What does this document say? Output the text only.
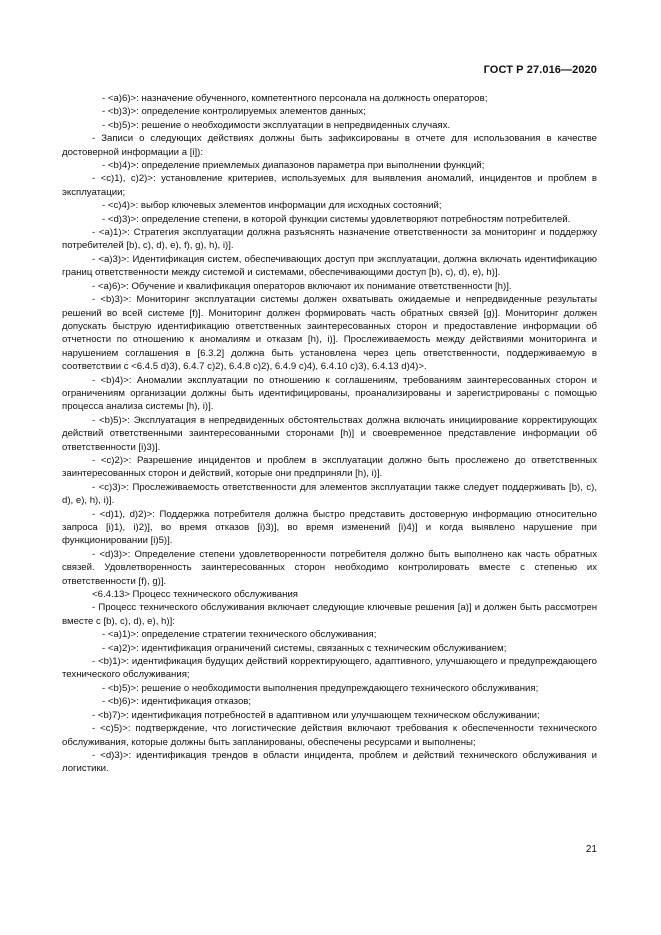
ГОСТ Р 27.016—2020

- <a)6)>: назначение обученного, компетентного персонала на должность операторов;

- <b)3)>: определение контролируемых элементов данных;

- <b)5)>: решение о необходимости эксплуатации в непредвиденных случаях.

- Записи о следующих действиях должны быть зафиксированы в отчете для использования в качестве достоверной информации а [i]):

- <b)4)>: определение приемлемых диапазонов параметра при выполнении функций;

- <c)1), c)2)>: установление критериев, используемых для выявления аномалий, инцидентов и проблем в эксплуатации;

- <c)4)>: выбор ключевых элементов информации для исходных состояний;

- <d)3)>: определение степени, в которой функции системы удовлетворяют потребностям потребителей.

- <a)1)>: Стратегия эксплуатации должна разъяснять назначение ответственности за мониторинг и поддержку потребителей [b), c), d), e), f), g), h), i)].

- <a)3)>: Идентификация систем, обеспечивающих доступ при эксплуатации, должна включать идентификацию границ ответственности между системой и системами, обеспечивающими доступ [b), c), d), e), h)].

- <a)6)>: Обучение и квалификация операторов включают их понимание ответственности [h)].

- <b)3)>: Мониторинг эксплуатации системы должен охватывать ожидаемые и непредвиденные результаты решений во всей системе [f)]. Мониторинг должен формировать часть обратных связей [g)]. Мониторинг должен допускать быструю идентификацию ответственных заинтересованных сторон и предоставление информации об отчетности по отношению к аномалиям и отказам [h), i)]. Прослеживаемость между действиями мониторинга и нарушением соглашения в [6.3.2] должна быть установлена через цепь ответственности, поддерживаемую в соответствии с <6.4.5 d)3), 6.4.7 c)2), 6.4.8 c)2), 6.4.9 c)4), 6.4.10 c)3), 6.4.13 d)4)>.

- <b)4)>: Аномалии эксплуатации по отношению к соглашениям, требованиям заинтересованных сторон и ограничениям организации должны быть идентифицированы, проанализированы и зарегистрированы с помощью процесса анализа системы [h), i)].

- <b)5)>: Эксплуатация в непредвиденных обстоятельствах должна включать инициирование корректирующих действий ответственными заинтересованными сторонами [h)] и своевременное представление информации об ответственности [i)3)].

- <c)2)>: Разрешение инцидентов и проблем в эксплуатации должно быть прослежено до ответственных заинтересованных сторон и действий, которые они предприняли [h), i)].

- <c)3)>: Прослеживаемость ответственности для элементов эксплуатации также следует поддерживать [b), c), d), e), h), i)].

- <d)1), d)2)>: Поддержка потребителя должна быстро представить достоверную информацию относительно запроса [i)1), i)2)], во время отказов [i)3)], во время изменений [i)4)] и когда выявлено нарушение при функционировании [i)5)].

- <d)3)>: Определение степени удовлетворенности потребителя должно быть выполнено как часть обратных связей. Удовлетворенность заинтересованных сторон необходимо контролировать вместе с степенью их ответственности [f), g)].

<6.4.13> Процесс технического обслуживания

- Процесс технического обслуживания включает следующие ключевые решения [a)] и должен быть рассмотрен вместе с [b), c), d), e), h)]:

- <a)1)>: определение стратегии технического обслуживания;

- <a)2)>: идентификация ограничений системы, связанных с техническим обслуживанием;

- <b)1)>: идентификация будущих действий корректирующего, адаптивного, улучшающего и предупреждающего технического обслуживания;

- <b)5)>: решение о необходимости выполнения предупреждающего технического обслуживания;

- <b)6)>: идентификация отказов;

- <b)7)>: идентификация потребностей в адаптивном или улучшающем техническом обслуживании;

- <c)5)>: подтверждение, что логистические действия включают требования к обеспеченности технического обслуживания, которые должны быть запланированы, обеспечены ресурсами и выполнены;

- <d)3)>: идентификация трендов в области инцидента, проблем и действий технического обслуживания и логистики.

21
